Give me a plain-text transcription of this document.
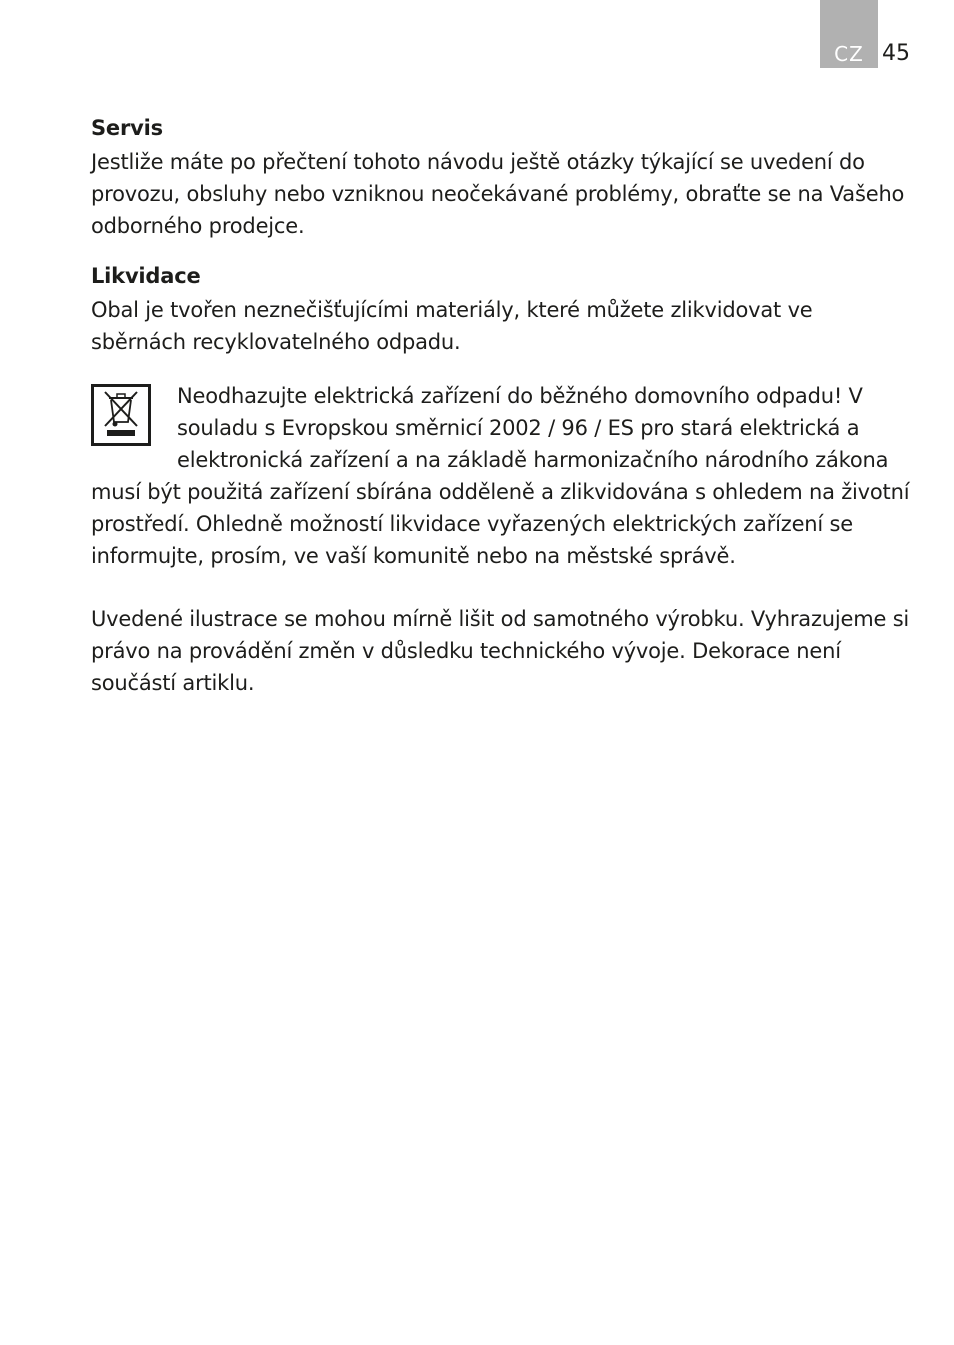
CZ 45
Servis

Jestliže máte po přečtení tohoto návodu ještě otázky týkající se uvedení do provozu, obsluhy nebo vzniknou neočekávané problémy, obraťte se na Vašeho odborného prodejce.

Likvidace

Obal je tvořen neznečišťujícími materiály, které můžete zlikvidovat ve sběrnách recyklovatelného odpadu.

Neodhazujte elektrická zařízení do běžného domovního odpadu! V souladu s Evropskou směrnicí 2002 / 96 / ES pro stará elektrická a elektronická zařízení a na základě harmonizačního národního zákona musí být použitá zařízení sbírána odděleně a zlikvidována s ohledem na životní prostředí. Ohledně možností likvidace vyřazených elektrických zařízení se informujte, prosím, ve vaší komunitě nebo na městské správě.

Uvedené ilustrace se mohou mírně lišit od samotného výrobku. Vyhrazujeme si právo na provádění změn v důsledku technického vývoje. Dekorace není součástí artiklu.
